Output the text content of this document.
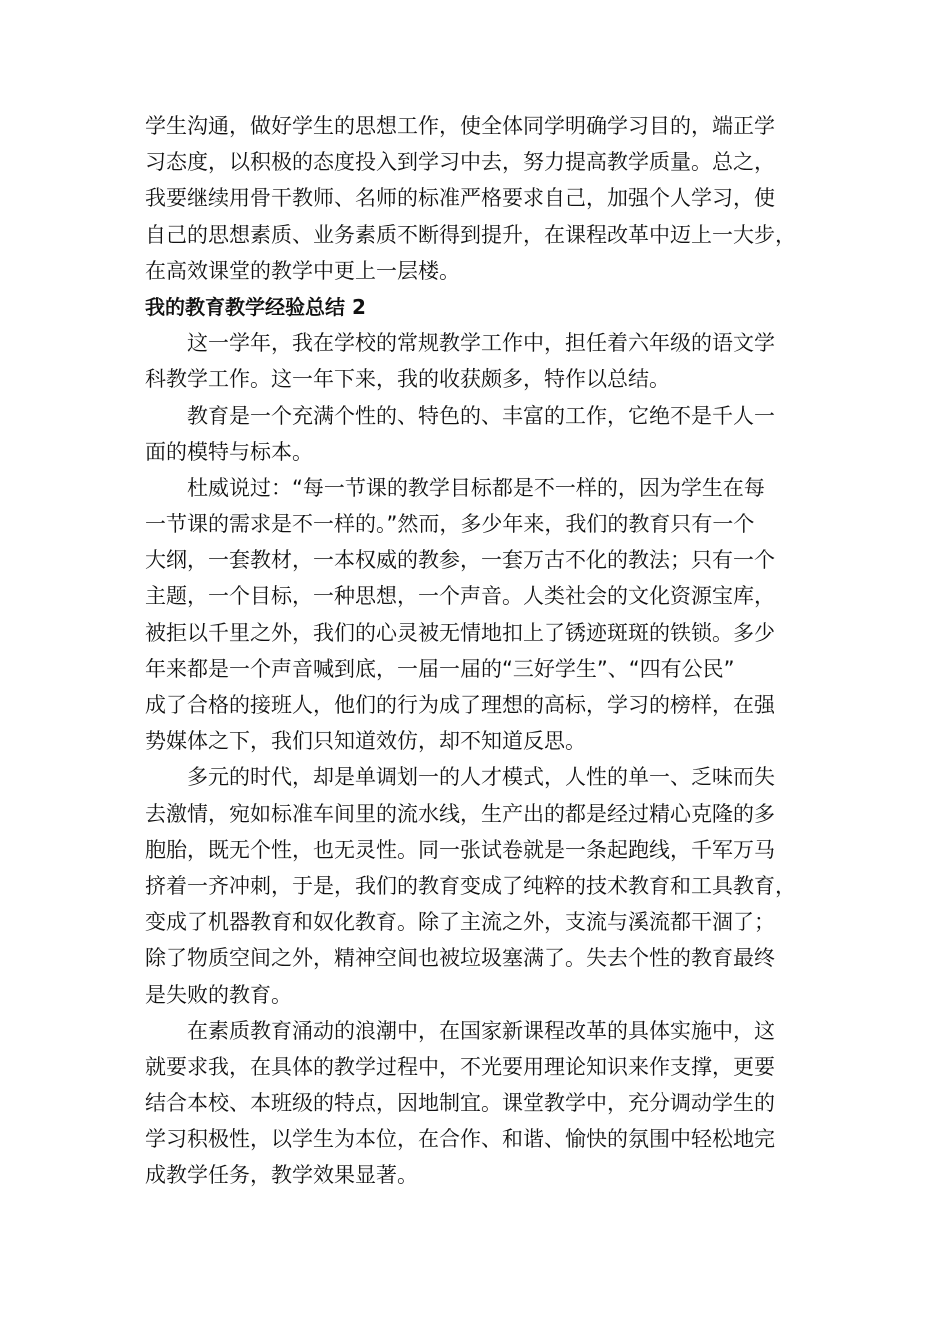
学生沟通，做好学生的思想工作，使全体同学明确学习目的，端正学
习态度，以积极的态度投入到学习中去，努力提高教学质量。总之，
我要继续用骨干教师、名师的标准严格要求自己，加强个人学习，使
自己的思想素质、业务素质不断得到提升，在课程改革中迈上一大步，
在高效课堂的教学中更上一层楼。
我的教育教学经验总结 2
这一学年，我在学校的常规教学工作中，担任着六年级的语文学
科教学工作。这一年下来，我的收获颇多，特作以总结。
教育是一个充满个性的、特色的、丰富的工作，它绝不是千人一
面的模特与标本。
杜威说过：“每一节课的教学目标都是不一样的，因为学生在每
一节课的需求是不一样的。”然而，多少年来，我们的教育只有一个
大纲，一套教材，一本权威的教参，一套万古不化的教法；只有一个
主题，一个目标，一种思想，一个声音。人类社会的文化资源宝库，
被拒以千里之外，我们的心灵被无情地扣上了锈迹斑斑的铁锁。多少
年来都是一个声音喊到底，一届一届的“三好学生”、“四有公民”
成了合格的接班人，他们的行为成了理想的高标，学习的榜样，在强
势媒体之下，我们只知道效仿，却不知道反思。
多元的时代，却是单调划一的人才模式，人性的单一、乏味而失
去激情，宛如标准车间里的流水线，生产出的都是经过精心克隆的多
胞胎，既无个性，也无灵性。同一张试卷就是一条起跑线，千军万马
挤着一齐冲刺，于是，我们的教育变成了纯粹的技术教育和工具教育，
变成了机器教育和奴化教育。除了主流之外，支流与溪流都干涸了；
除了物质空间之外，精神空间也被垃圾塞满了。失去个性的教育最终
是失败的教育。
在素质教育涌动的浪潮中，在国家新课程改革的具体实施中，这
就要求我，在具体的教学过程中，不光要用理论知识来作支撑，更要
结合本校、本班级的特点，因地制宜。课堂教学中，充分调动学生的
学习积极性，以学生为本位，在合作、和谐、愉快的氛围中轻松地完
成教学任务，教学效果显著。
